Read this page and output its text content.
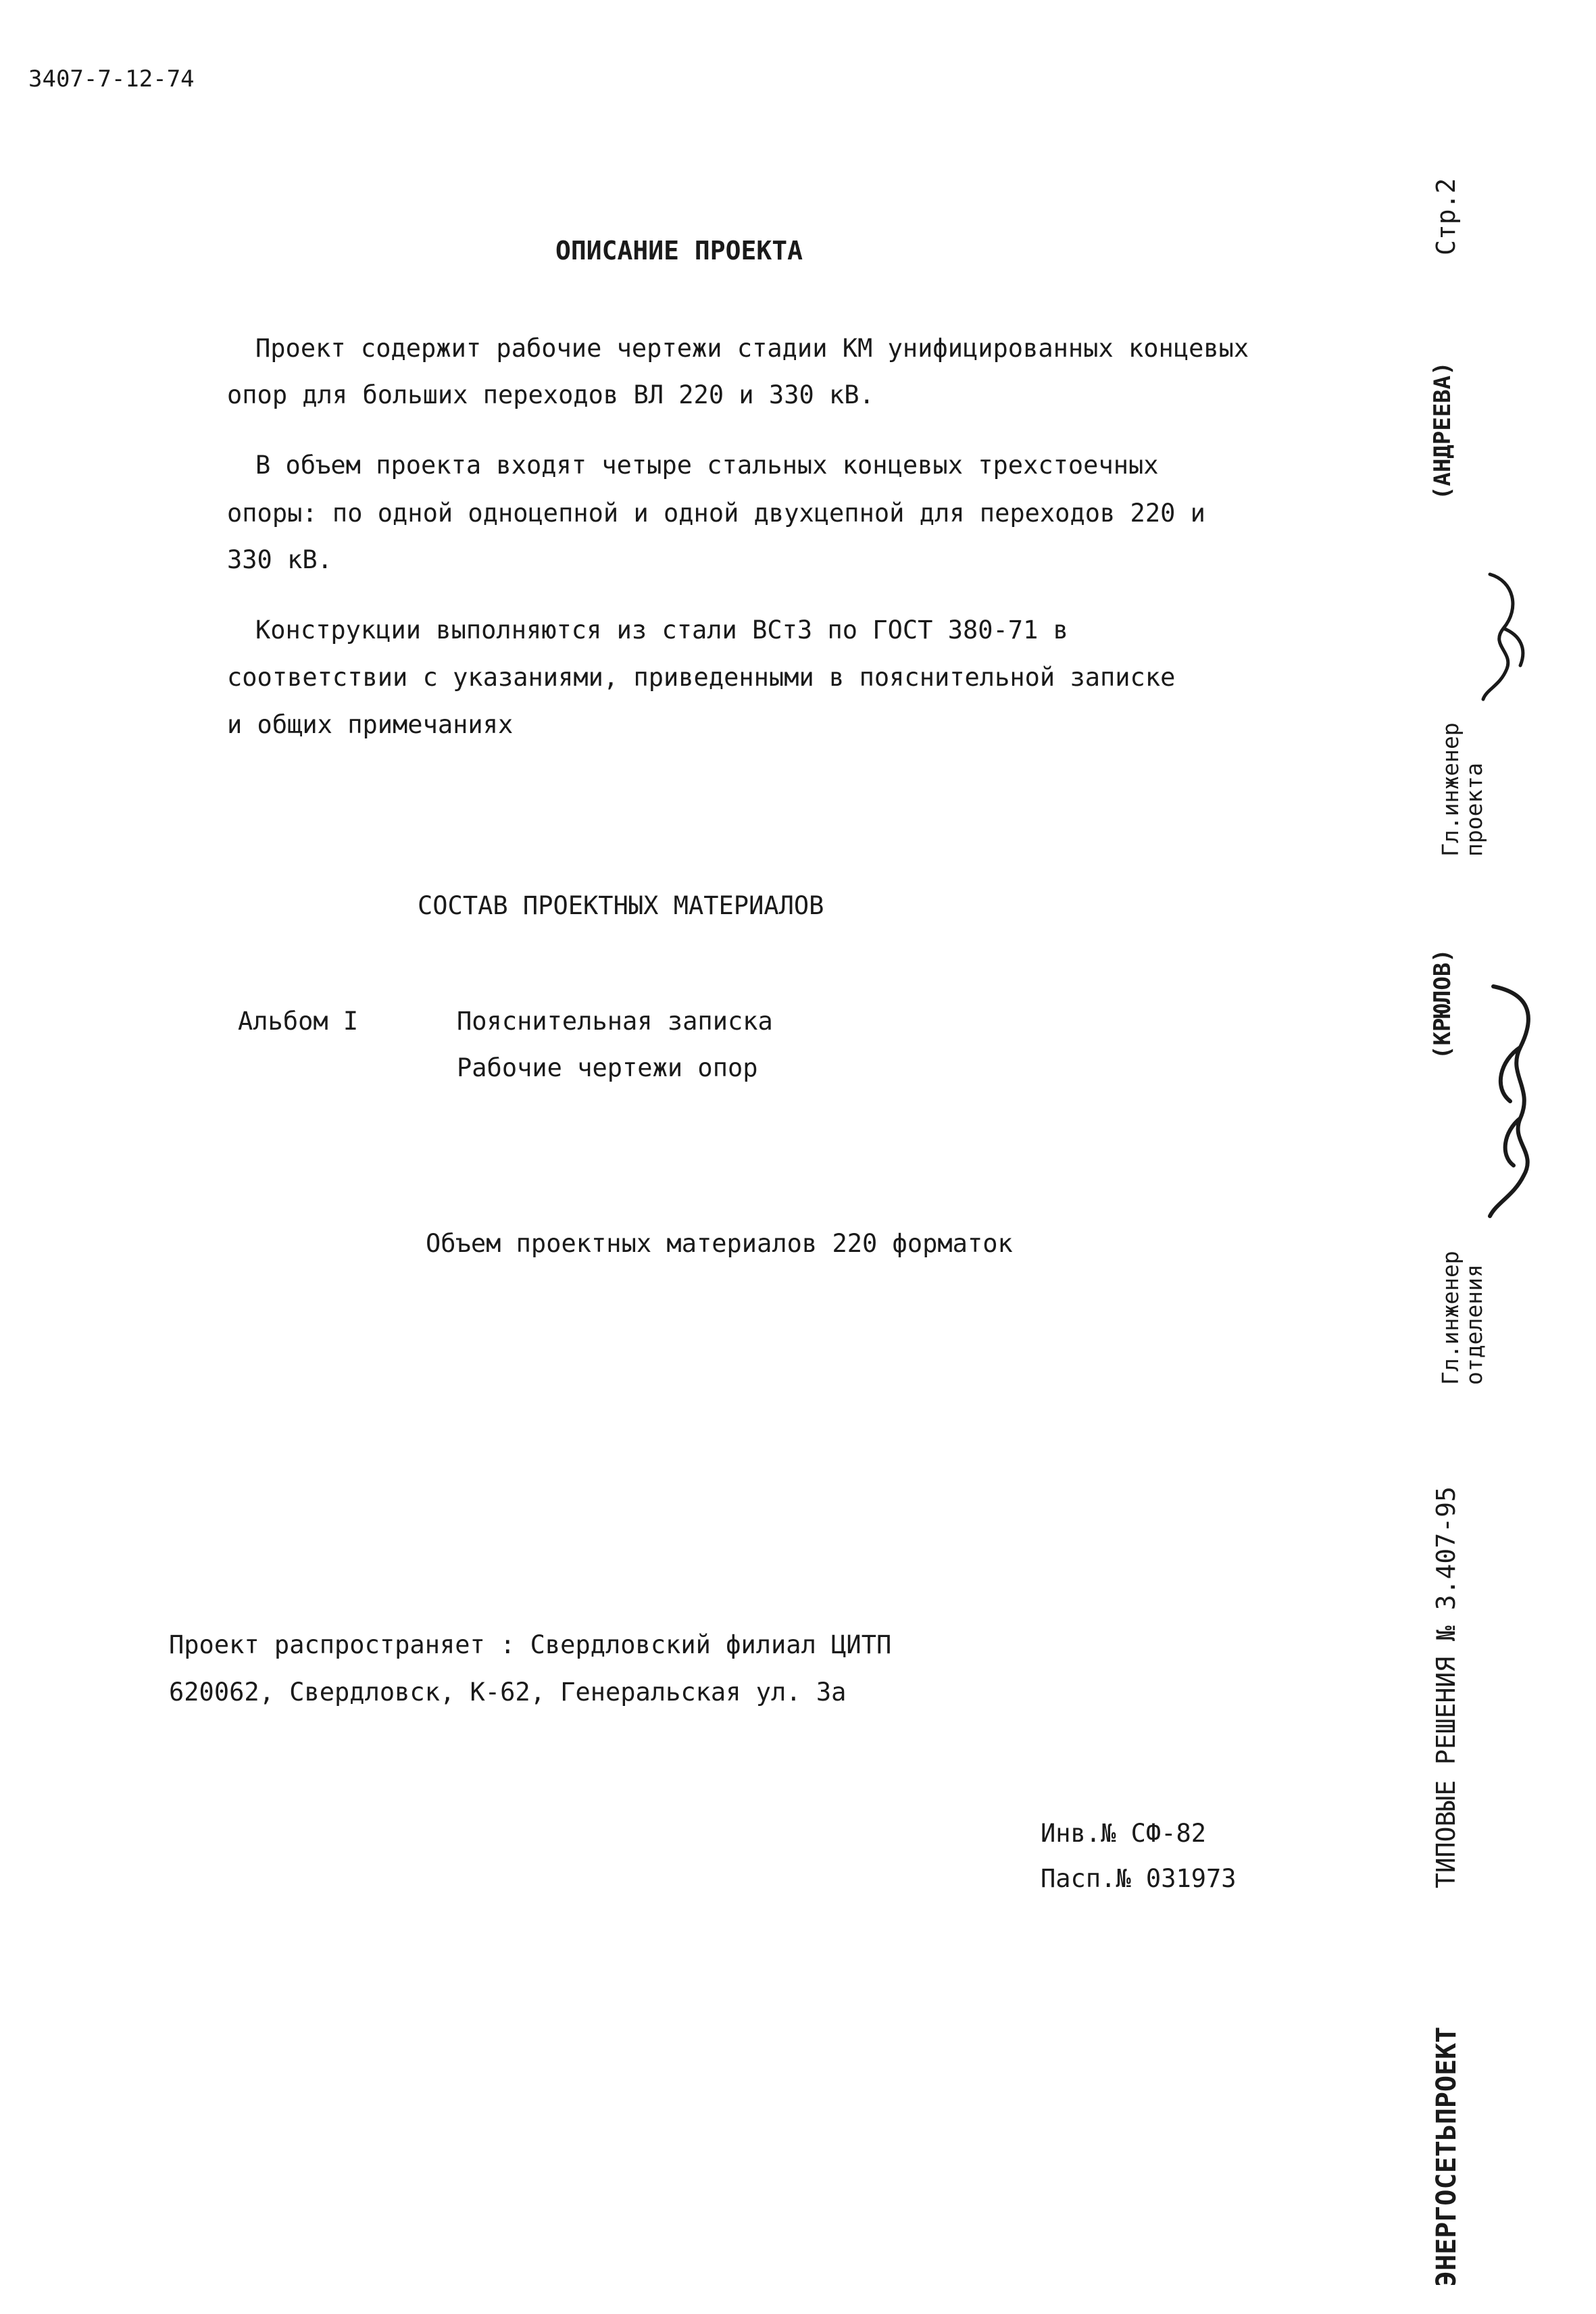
3407-7-12-74
ОПИСАНИЕ ПРОЕКТА
Проект содержит рабочие чертежи стадии КМ унифицированных концевых
опор для больших переходов ВЛ 220 и 330 кВ.
В объем проекта входят четыре стальных концевых трехстоечных
опоры: по одной одноцепной и одной двухцепной для переходов 220 и
330 кВ.
Конструкции выполняются из стали ВСт3 по ГОСТ 380-71 в
соответствии с указаниями, приведенными в пояснительной записке
и общих примечаниях
СОСТАВ ПРОЕКТНЫХ МАТЕРИАЛОВ
Альбом I	Пояснительная записка
Рабочие чертежи опор
Объем проектных материалов 220 форматок
Проект распространяет : Свердловский филиал ЦИТП
620062, Свердловск, К-62, Генеральская ул. 3а
Инв.№ СФ-82
Пасп.№ 031973
Стр.2
(АНДРЕЕВА)
Гл.инженер
проекта
(КРЮЛОВ)
Гл.инженер
отделения
ТИПОВЫЕ РЕШЕНИЯ № 3.407-95
ЭНЕРГОСЕТЬПРОЕКТ
